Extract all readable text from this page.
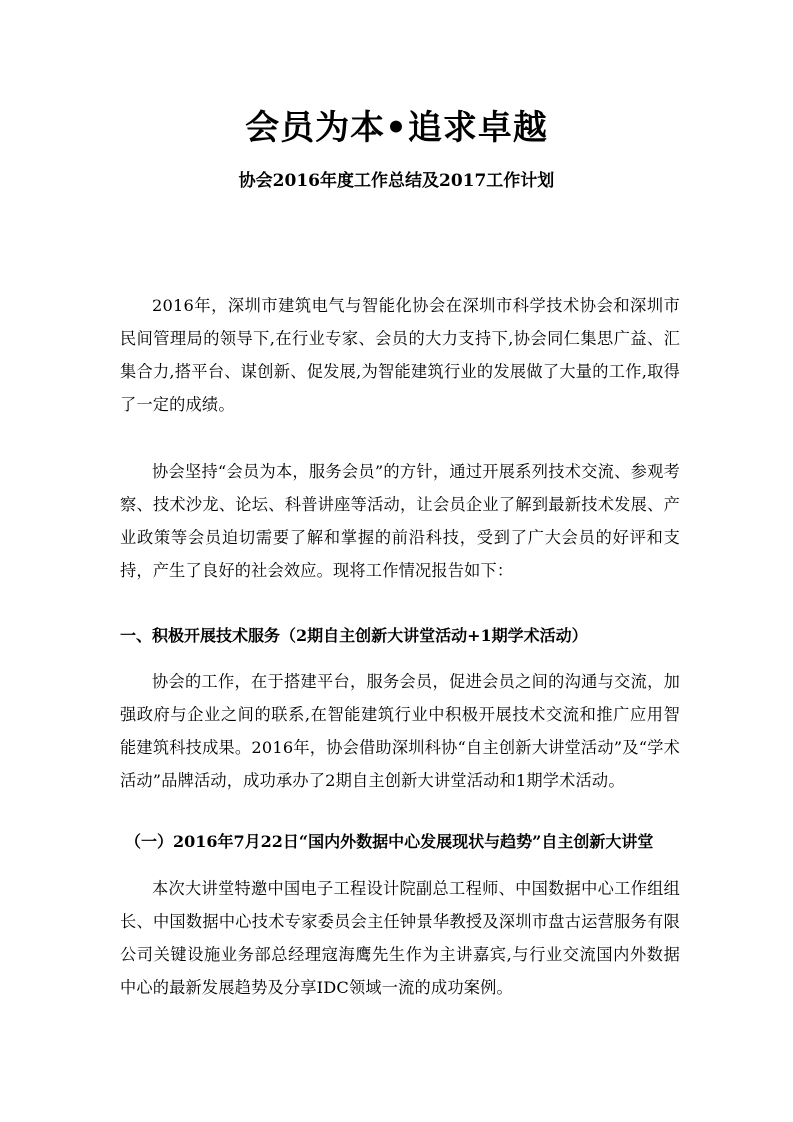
会员为本•追求卓越
协会2016年度工作总结及2017工作计划

2016年，深圳市建筑电气与智能化协会在深圳市科学技术协会和深圳市民间管理局的领导下,在行业专家、会员的大力支持下,协会同仁集思广益、汇集合力,搭平台、谋创新、促发展,为智能建筑行业的发展做了大量的工作,取得了一定的成绩。

协会坚持“会员为本，服务会员”的方针，通过开展系列技术交流、参观考察、技术沙龙、论坛、科普讲座等活动，让会员企业了解到最新技术发展、产业政策等会员迫切需要了解和掌握的前沿科技，受到了广大会员的好评和支持，产生了良好的社会效应。现将工作情况报告如下：

一、积极开展技术服务（2期自主创新大讲堂活动+1期学术活动）

协会的工作，在于搭建平台，服务会员，促进会员之间的沟通与交流，加强政府与企业之间的联系,在智能建筑行业中积极开展技术交流和推广应用智能建筑科技成果。2016年，协会借助深圳科协“自主创新大讲堂活动”及“学术活动”品牌活动，成功承办了2期自主创新大讲堂活动和1期学术活动。

（一）2016年7月22日“国内外数据中心发展现状与趋势”自主创新大讲堂

本次大讲堂特邀中国电子工程设计院副总工程师、中国数据中心工作组组长、中国数据中心技术专家委员会主任钟景华教授及深圳市盘古运营服务有限公司关键设施业务部总经理寇海鹰先生作为主讲嘉宾,与行业交流国内外数据中心的最新发展趋势及分享IDC领域一流的成功案例。
